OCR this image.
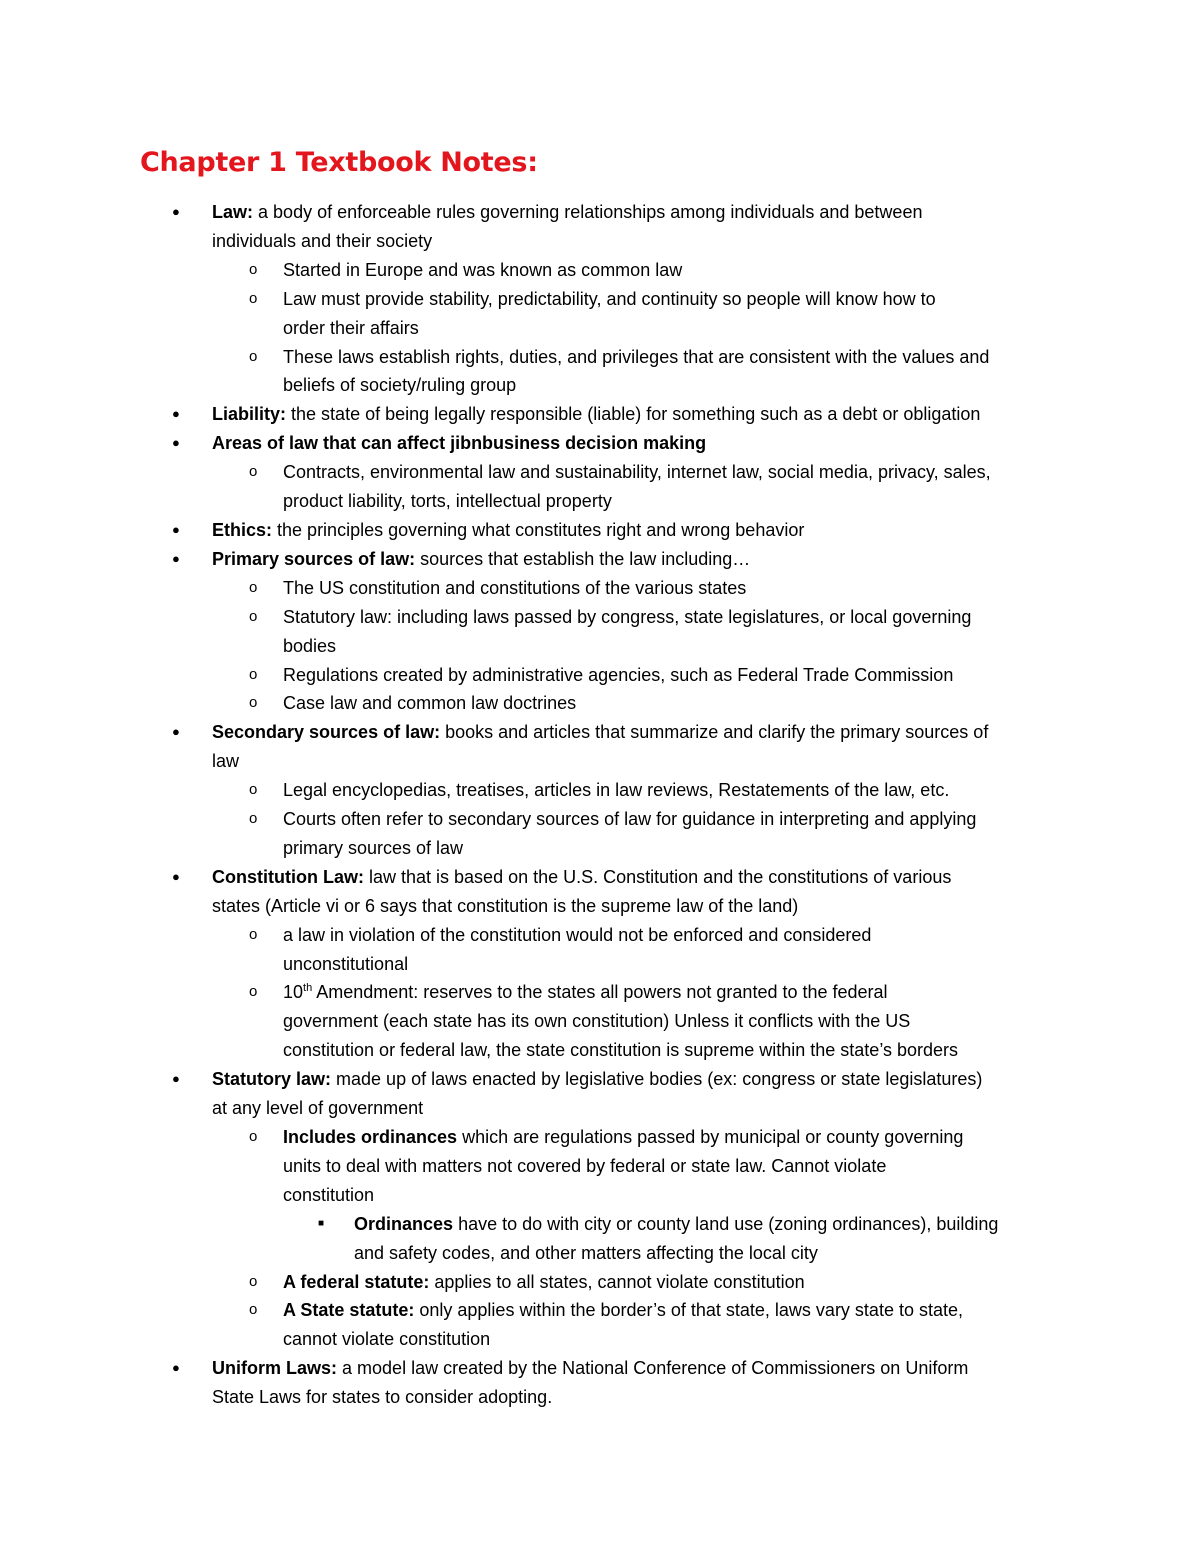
Chapter 1 Textbook Notes:
● Law: a body of enforceable rules governing relationships among individuals and between
individuals and their society
o Started in Europe and was known as common law
o Law must provide stability, predictability, and continuity so people will know how to
order their affairs
o These laws establish rights, duties, and privileges that are consistent with the values and
beliefs of society/ruling group
● Liability: the state of being legally responsible (liable) for something such as a debt or obligation
● Areas of law that can affect jibnbusiness decision making
o Contracts, environmental law and sustainability, internet law, social media, privacy, sales,
product liability, torts, intellectual property
● Ethics: the principles governing what constitutes right and wrong behavior
● Primary sources of law: sources that establish the law including…
o The US constitution and constitutions of the various states
o Statutory law: including laws passed by congress, state legislatures, or local governing
bodies
o Regulations created by administrative agencies, such as Federal Trade Commission
o Case law and common law doctrines
● Secondary sources of law: books and articles that summarize and clarify the primary sources of
law
o Legal encyclopedias, treatises, articles in law reviews, Restatements of the law, etc.
o Courts often refer to secondary sources of law for guidance in interpreting and applying
primary sources of law
● Constitution Law: law that is based on the U.S. Constitution and the constitutions of various
states (Article vi or 6 says that constitution is the supreme law of the land)
o a law in violation of the constitution would not be enforced and considered
unconstitutional
o 10th Amendment: reserves to the states all powers not granted to the federal
government (each state has its own constitution) Unless it conflicts with the US
constitution or federal law, the state constitution is supreme within the state’s borders
● Statutory law: made up of laws enacted by legislative bodies (ex: congress or state legislatures)
at any level of government
o Includes ordinances which are regulations passed by municipal or county governing
units to deal with matters not covered by federal or state law. Cannot violate
constitution
■ Ordinances have to do with city or county land use (zoning ordinances), building
and safety codes, and other matters affecting the local city
o A federal statute: applies to all states, cannot violate constitution
o A State statute: only applies within the border’s of that state, laws vary state to state,
cannot violate constitution
● Uniform Laws: a model law created by the National Conference of Commissioners on Uniform
State Laws for states to consider adopting.
